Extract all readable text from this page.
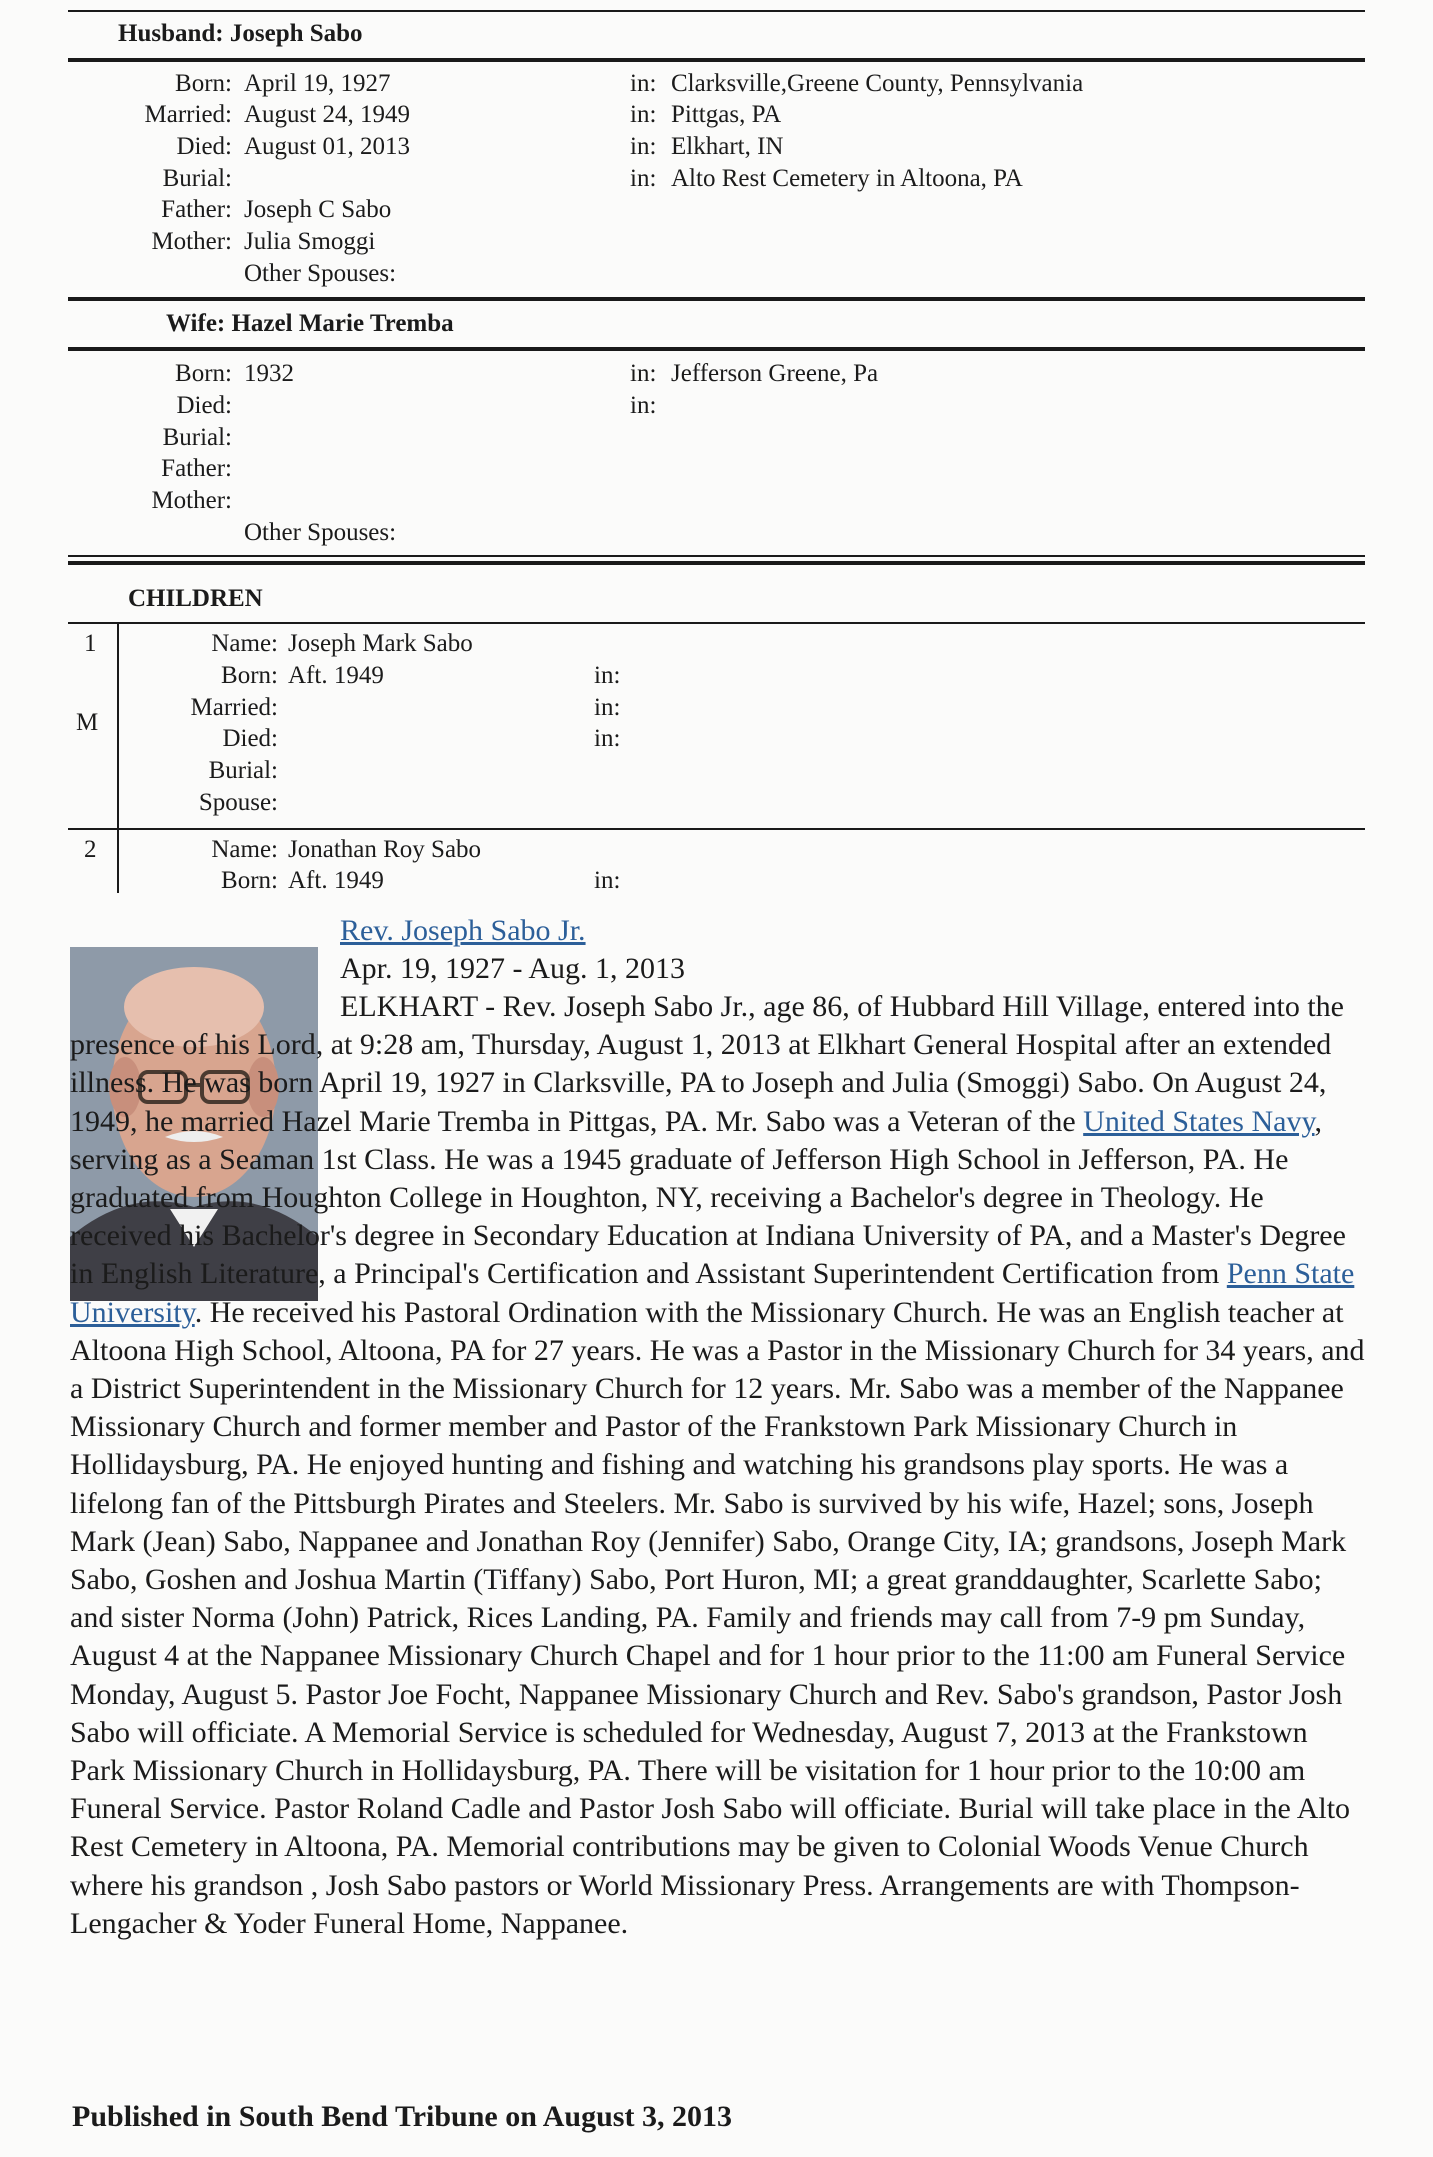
Husband: Joseph Sabo
Born: April 19, 1927	in: Clarksville,Greene County, Pennsylvania
Married: August 24, 1949	in: Pittgas, PA
Died: August 01, 2013	in: Elkhart, IN
Burial:	in: Alto Rest Cemetery in Altoona, PA
Father: Joseph C Sabo
Mother: Julia Smoggi
Other Spouses:
Wife: Hazel Marie Tremba
Born: 1932	in: Jefferson Greene, Pa
Died:	in:
Burial:
Father:
Mother:
Other Spouses:
CHILDREN
1
M
Name: Joseph Mark Sabo
Born: Aft. 1949	in:
Married:	in:
Died:	in:
Burial:
Spouse:
2	Name: Jonathan Roy Sabo
Born: Aft. 1949	in:
Rev. Joseph Sabo Jr.
Apr. 19, 1927 - Aug. 1, 2013
ELKHART - Rev. Joseph Sabo Jr., age 86, of Hubbard Hill Village, entered into the presence of his Lord, at 9:28 am, Thursday, August 1, 2013 at Elkhart General Hospital after an extended illness. He was born April 19, 1927 in Clarksville, PA to Joseph and Julia (Smoggi) Sabo. On August 24, 1949, he married Hazel Marie Tremba in Pittgas, PA. Mr. Sabo was a Veteran of the United States Navy, serving as a Seaman 1st Class. He was a 1945 graduate of Jefferson High School in Jefferson, PA. He graduated from Houghton College in Houghton, NY, receiving a Bachelor's degree in Theology. He received his Bachelor's degree in Secondary Education at Indiana University of PA, and a Master's Degree in English Literature, a Principal's Certification and Assistant Superintendent Certification from Penn State University. He received his Pastoral Ordination with the Missionary Church. He was an English teacher at Altoona High School, Altoona, PA for 27 years. He was a Pastor in the Missionary Church for 34 years, and a District Superintendent in the Missionary Church for 12 years. Mr. Sabo was a member of the Nappanee Missionary Church and former member and Pastor of the Frankstown Park Missionary Church in Hollidaysburg, PA. He enjoyed hunting and fishing and watching his grandsons play sports. He was a lifelong fan of the Pittsburgh Pirates and Steelers. Mr. Sabo is survived by his wife, Hazel; sons, Joseph Mark (Jean) Sabo, Nappanee and Jonathan Roy (Jennifer) Sabo, Orange City, IA; grandsons, Joseph Mark Sabo, Goshen and Joshua Martin (Tiffany) Sabo, Port Huron, MI; a great granddaughter, Scarlette Sabo; and sister Norma (John) Patrick, Rices Landing, PA. Family and friends may call from 7-9 pm Sunday, August 4 at the Nappanee Missionary Church Chapel and for 1 hour prior to the 11:00 am Funeral Service Monday, August 5. Pastor Joe Focht, Nappanee Missionary Church and Rev. Sabo's grandson, Pastor Josh Sabo will officiate. A Memorial Service is scheduled for Wednesday, August 7, 2013 at the Frankstown Park Missionary Church in Hollidaysburg, PA. There will be visitation for 1 hour prior to the 10:00 am Funeral Service. Pastor Roland Cadle and Pastor Josh Sabo will officiate. Burial will take place in the Alto Rest Cemetery in Altoona, PA. Memorial contributions may be given to Colonial Woods Venue Church where his grandson , Josh Sabo pastors or World Missionary Press. Arrangements are with Thompson-Lengacher & Yoder Funeral Home, Nappanee.
Published in South Bend Tribune on August 3, 2013
